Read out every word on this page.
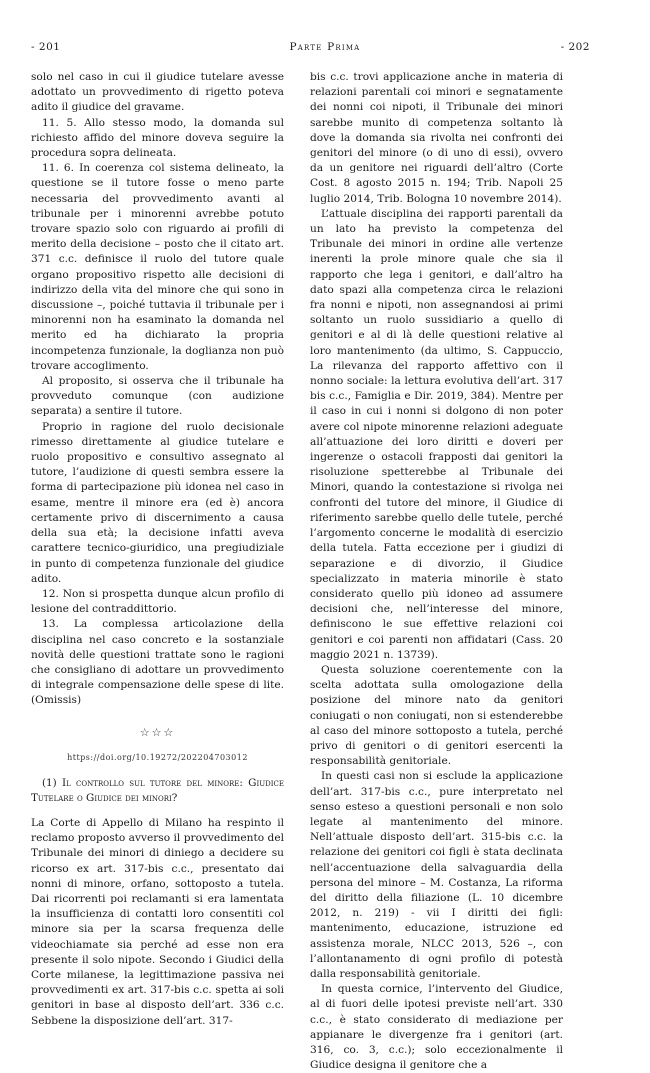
- 201	Parte Prima	- 202

solo nel caso in cui il giudice tutelare avesse adottato un provvedimento di rigetto poteva adito il giudice del gravame.

11. 5. Allo stesso modo, la domanda sul richiesto affido del minore doveva seguire la procedura sopra delineata.

11. 6. In coerenza col sistema delineato, la questione se il tutore fosse o meno parte necessaria del provvedimento avanti al tribunale per i minorenni avrebbe potuto trovare spazio solo con riguardo ai profili di merito della decisione – posto che il citato art. 371 c.c. definisce il ruolo del tutore quale organo propositivo rispetto alle decisioni di indirizzo della vita del minore che qui sono in discussione –, poiché tuttavia il tribunale per i minorenni non ha esaminato la domanda nel merito ed ha dichiarato la propria incompetenza funzionale, la doglianza non può trovare accoglimento.

Al proposito, si osserva che il tribunale ha provveduto comunque (con audizione separata) a sentire il tutore.

Proprio in ragione del ruolo decisionale rimesso direttamente al giudice tutelare e ruolo propositivo e consultivo assegnato al tutore, l’audizione di questi sembra essere la forma di partecipazione più idonea nel caso in esame, mentre il minore era (ed è) ancora certamente privo di discernimento a causa della sua età; la decisione infatti aveva carattere tecnico-giuridico, una pregiudiziale in punto di competenza funzionale del giudice adito.

12. Non si prospetta dunque alcun profilo di lesione del contraddittorio.

13. La complessa articolazione della disciplina nel caso concreto e la sostanziale novità delle questioni trattate sono le ragioni che consigliano di adottare un provvedimento di integrale compensazione delle spese di lite. (Omissis)

☆☆☆
https://doi.org/10.19272/202204703012
(1) Il controllo sul tutore del minore: Giudice Tutelare o Giudice dei minori?

La Corte di Appello di Milano ha respinto il reclamo proposto avverso il provvedimento del Tribunale dei minori di diniego a decidere su ricorso ex art. 317-bis c.c., presentato dai nonni di minore, orfano, sottoposto a tutela. Dai ricorrenti poi reclamanti si era lamentata la insufficienza di contatti loro consentiti col minore sia per la scarsa frequenza delle videochiamate sia perché ad esse non era presente il solo nipote. Secondo i Giudici della Corte milanese, la legittimazione passiva nei provvedimenti ex art. 317-bis c.c. spetta ai soli genitori in base al disposto dell’art. 336 c.c. Sebbene la disposizione dell’art. 317-

bis c.c. trovi applicazione anche in materia di relazioni parentali coi minori e segnatamente dei nonni coi nipoti, il Tribunale dei minori sarebbe munito di competenza soltanto là dove la domanda sia rivolta nei confronti dei genitori del minore (o di uno di essi), ovvero da un genitore nei riguardi dell’altro (Corte Cost. 8 agosto 2015 n. 194; Trib. Napoli 25 luglio 2014, Trib. Bologna 10 novembre 2014).

L’attuale disciplina dei rapporti parentali da un lato ha previsto la competenza del Tribunale dei minori in ordine alle vertenze inerenti la prole minore quale che sia il rapporto che lega i genitori, e dall’altro ha dato spazi alla competenza circa le relazioni fra nonni e nipoti, non assegnandosi ai primi soltanto un ruolo sussidiario a quello di genitori e al di là delle questioni relative al loro mantenimento (da ultimo, S. Cappuccio, La rilevanza del rapporto affettivo con il nonno sociale: la lettura evolutiva dell’art. 317 bis c.c., Famiglia e Dir. 2019, 384). Mentre per il caso in cui i nonni si dolgono di non poter avere col nipote minorenne relazioni adeguate all’attuazione dei loro diritti e doveri per ingerenze o ostacoli frapposti dai genitori la risoluzione spetterebbe al Tribunale dei Minori, quando la contestazione si rivolga nei confronti del tutore del minore, il Giudice di riferimento sarebbe quello delle tutele, perché l’argomento concerne le modalità di esercizio della tutela. Fatta eccezione per i giudizi di separazione e di divorzio, il Giudice specializzato in materia minorile è stato considerato quello più idoneo ad assumere decisioni che, nell’interesse del minore, definiscono le sue effettive relazioni coi genitori e coi parenti non affidatari (Cass. 20 maggio 2021 n. 13739).

Questa soluzione coerentemente con la scelta adottata sulla omologazione della posizione del minore nato da genitori coniugati o non coniugati, non si estenderebbe al caso del minore sottoposto a tutela, perché privo di genitori o di genitori esercenti la responsabilità genitoriale.

In questi casi non si esclude la applicazione dell’art. 317-bis c.c., pure interpretato nel senso esteso a questioni personali e non solo legate al mantenimento del minore. Nell’attuale disposto dell’art. 315-bis c.c. la relazione dei genitori coi figli è stata declinata nell’accentuazione della salvaguardia della persona del minore – M. Costanza, La riforma del diritto della filiazione (L. 10 dicembre 2012, n. 219) - vii I diritti dei figli: mantenimento, educazione, istruzione ed assistenza morale, NLCC 2013, 526 –, con l’allontanamento di ogni profilo di potestà dalla responsabilità genitoriale.

In questa cornice, l’intervento del Giudice, al di fuori delle ipotesi previste nell’art. 330 c.c., è stato considerato di mediazione per appianare le divergenze fra i genitori (art. 316, co. 3, c.c.); solo eccezionalmente il Giudice designa il genitore che a
